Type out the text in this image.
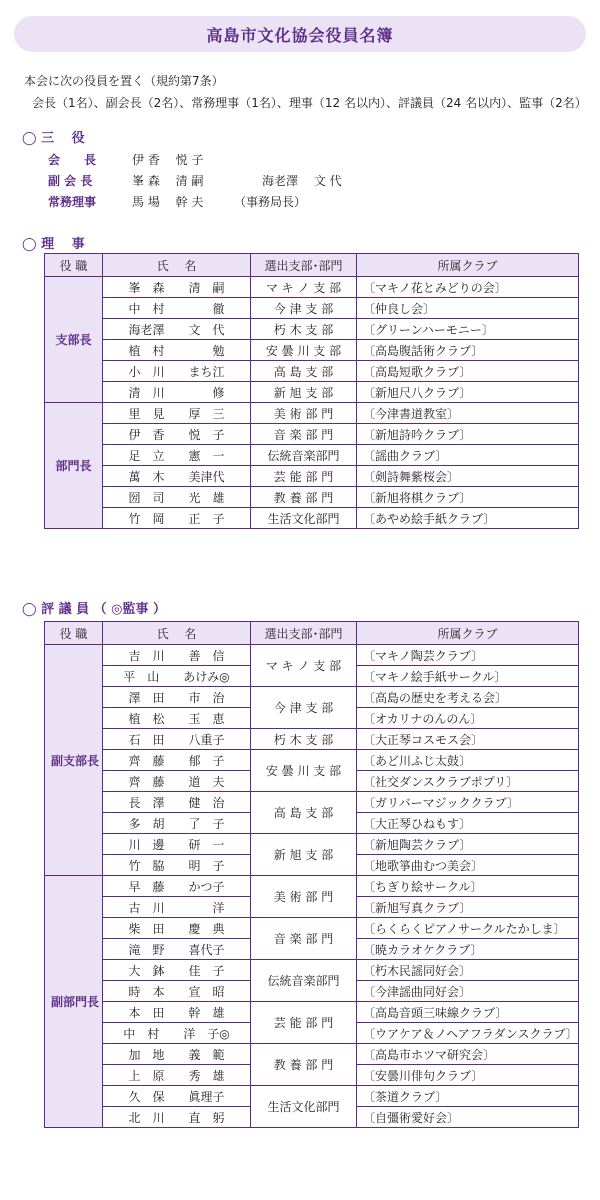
高島市文化協会役員名簿
本会に次の役員を置く（規約第7条）
会長（1名）、副会長（2名）、常務理事（1名）、理事（12 名以内）、評議員（24 名以内）、監事（2名）
◯ 三　 役
会　　長	伊 香　 悦 子
副 会 長	峯 森　 清 嗣	海老澤　 文 代
常務理事	馬 場　 幹 夫	（事務局長）
◯ 理　 事
役 職	氏　 名	選出支部･部門	所属クラブ
支部長	峯　森　　清　嗣	マ キ ノ 支 部	〔マキノ花とみどりの会〕
	中　村　　　　徹	今 津 支 部	〔仲良し会〕
	海老澤　　文　代	朽 木 支 部	〔グリーンハーモニー〕
	植　村　　　　勉	安 曇 川 支 部	〔高島腹話術クラブ〕
	小　川　　まち江	高 島 支 部	〔高島短歌クラブ〕
	清　川　　　　修	新 旭 支 部	〔新旭尺八クラブ〕
部門長	里　見　　厚　三	美 術 部 門	〔今津書道教室〕
	伊　香　　悦　子	音 楽 部 門	〔新旭詩吟クラブ〕
	足　立　　憲　一	伝統音楽部門	〔謡曲クラブ〕
	萬　木　　美津代	芸 能 部 門	〔剣詩舞紫桜会〕
	圀　司　　光　雄	教 養 部 門	〔新旭将棋クラブ〕
	竹　岡　　正　子	生活文化部門	〔あやめ絵手紙クラブ〕
◯ 評 議 員 （ ◎監事 ）
役 職	氏　 名	選出支部･部門	所属クラブ
副支部長	吉　川　　善　信	マ キ ノ 支 部	〔マキノ陶芸クラブ〕
	平　山　　あけみ◎		〔マキノ絵手紙サークル〕
	澤　田　　市　治	今 津 支 部	〔高島の歴史を考える会〕
	植　松　　玉　恵		〔オカリナのんのん〕
	石　田　　八重子	朽 木 支 部	〔大正琴コスモス会〕
	齊　藤　　郁　子	安 曇 川 支 部	〔あど川ふじ太鼓〕
	齊　藤　　道　夫		〔社交ダンスクラブポプリ〕
	長　澤　　健　治	高 島 支 部	〔ガリバーマジッククラブ〕
	多　胡　　了　子		〔大正琴ひねもす〕
	川　邊　　研　一	新 旭 支 部	〔新旭陶芸クラブ〕
	竹　脇　　明　子		〔地歌箏曲むつ美会〕
副部門長	早　藤　　かつ子	美 術 部 門	〔ちぎり絵サークル〕
	古　川　　　　洋		〔新旭写真クラブ〕
	柴　田　　慶　典	音 楽 部 門	〔らくらくピアノサークルたかしま〕
	滝　野　　喜代子		〔暁カラオケクラブ〕
	大　鉢　　佳　子	伝統音楽部門	〔朽木民謡同好会〕
	時　本　　宣　昭		〔今津謡曲同好会〕
	本　田　　幹　雄	芸 能 部 門	〔高島音頭三味線クラブ〕
	中　村　　洋　子◎		〔ウアケア＆ノヘアフラダンスクラブ〕
	加　地　　義　範	教 養 部 門	〔高島市ホツマ研究会〕
	上　原　　秀　雄		〔安曇川俳句クラブ〕
	久　保　　眞理子	生活文化部門	〔茶道クラブ〕
	北　川　　直　躬		〔自彊術愛好会〕
